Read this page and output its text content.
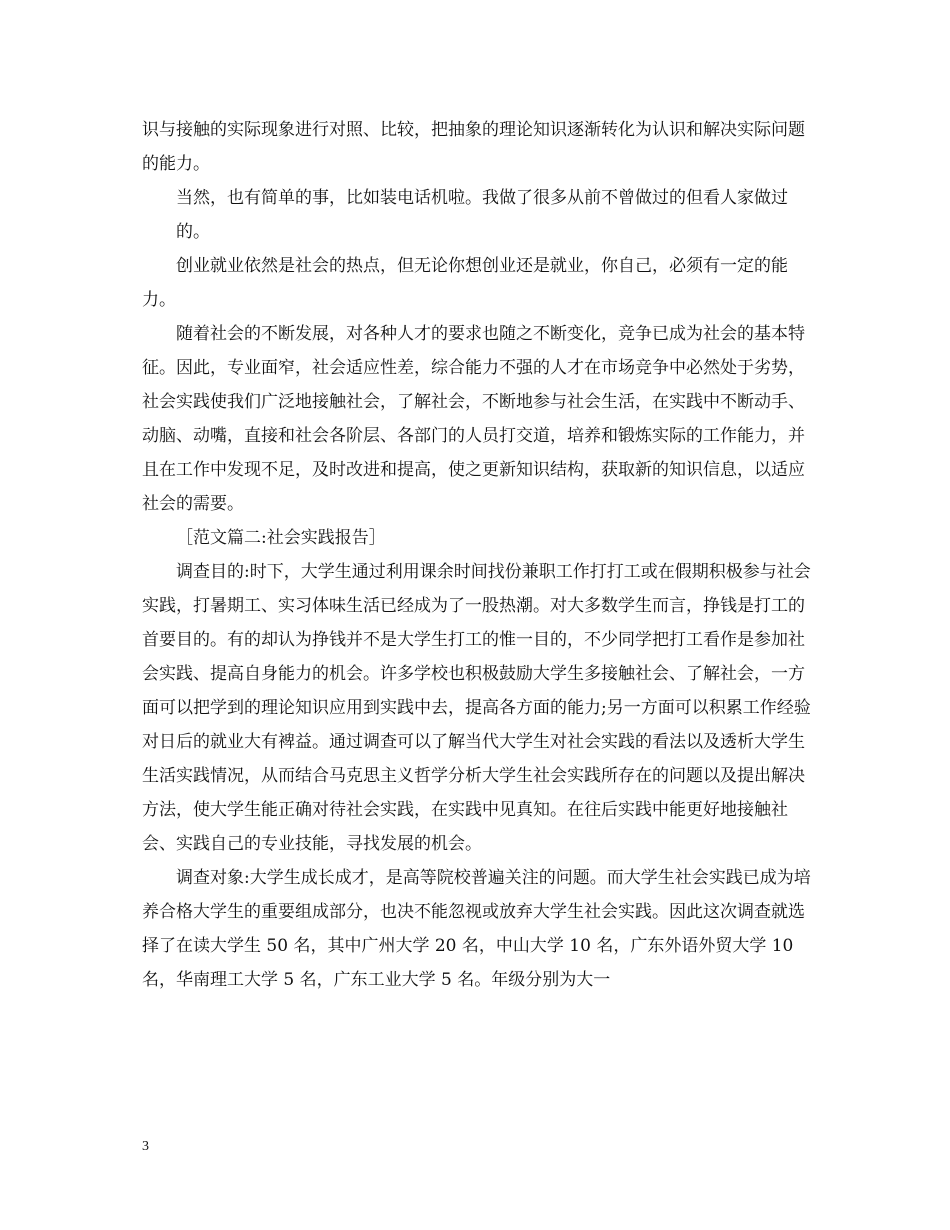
识与接触的实际现象进行对照、比较，把抽象的理论知识逐渐转化为认识和解决实际问题的能力。

当然，也有简单的事，比如装电话机啦。我做了很多从前不曾做过的但看人家做过

的。

创业就业依然是社会的热点，但无论你想创业还是就业，你自己，必须有一定的能力。

随着社会的不断发展，对各种人才的要求也随之不断变化，竞争已成为社会的基本特征。因此，专业面窄，社会适应性差，综合能力不强的人才在市场竞争中必然处于劣势，社会实践使我们广泛地接触社会，了解社会，不断地参与社会生活，在实践中不断动手、动脑、动嘴，直接和社会各阶层、各部门的人员打交道，培养和锻炼实际的工作能力，并且在工作中发现不足，及时改进和提高，使之更新知识结构，获取新的知识信息，以适应社会的需要。

［范文篇二:社会实践报告］

调查目的:时下，大学生通过利用课余时间找份兼职工作打打工或在假期积极参与社会实践，打暑期工、实习体味生活已经成为了一股热潮。对大多数学生而言，挣钱是打工的首要目的。有的却认为挣钱并不是大学生打工的惟一目的，不少同学把打工看作是参加社会实践、提高自身能力的机会。许多学校也积极鼓励大学生多接触社会、了解社会，一方面可以把学到的理论知识应用到实践中去，提高各方面的能力;另一方面可以积累工作经验对日后的就业大有裨益。通过调查可以了解当代大学生对社会实践的看法以及透析大学生生活实践情况，从而结合马克思主义哲学分析大学生社会实践所存在的问题以及提出解决方法，使大学生能正确对待社会实践，在实践中见真知。在往后实践中能更好地接触社会、实践自己的专业技能，寻找发展的机会。

调查对象:大学生成长成才，是高等院校普遍关注的问题。而大学生社会实践已成为培养合格大学生的重要组成部分，也决不能忽视或放弃大学生社会实践。因此这次调查就选择了在读大学生 50 名，其中广州大学 20 名，中山大学 10 名，广东外语外贸大学 10 名，华南理工大学 5 名，广东工业大学 5 名。年级分别为大一

3
